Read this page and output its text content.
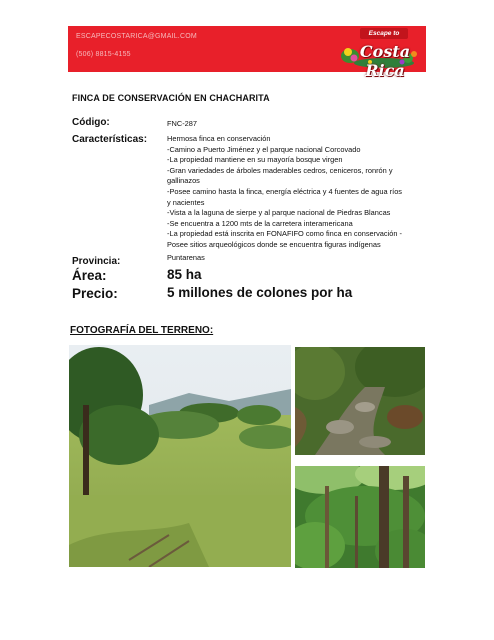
ESCAPECOSTARICA@GMAIL.COM
(506) 8815-4155
Escape to
Costa Rica
FINCA DE CONSERVACIÓN EN CHACHARITA
Código:	FNC-287
Características:	Hermosa finca en conservación
-Camino a Puerto Jiménez y el parque nacional Corcovado
-La propiedad mantiene en su mayoría bosque virgen
-Gran variedades de árboles maderables cedros, ceniceros, ronrón y
gallinazos
-Posee camino hasta la finca, energía eléctrica y 4 fuentes de agua ríos
y nacientes
-Vista a la laguna de sierpe y al parque nacional de Piedras Blancas
-Se encuentra a 1200 mts de la carretera interamericana
-La propiedad está inscrita en FONAFIFO como finca en conservación -
Posee sitios arqueológicos donde se encuentra figuras indígenas
Provincia:	Puntarenas
Área:	85 ha
Precio:	5 millones de colones por ha
FOTOGRAFÍA DEL TERRENO:
